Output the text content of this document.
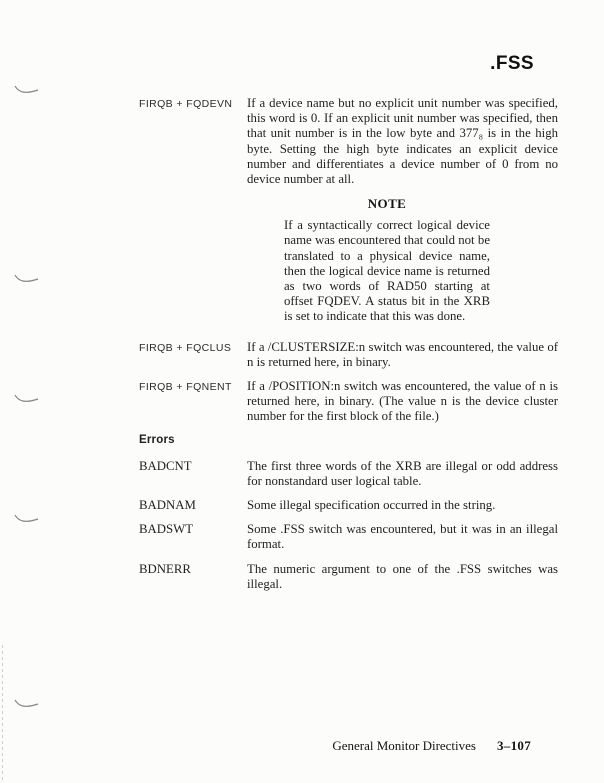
.FSS
FIRQB + FQDEVN	If a device name but no explicit unit number was specified, this word is 0. If an explicit unit number was specified, then that unit number is in the low byte and 377₈ is in the high byte. Setting the high byte indicates an explicit device number and differentiates a device number of 0 from no device number at all.
NOTE
If a syntactically correct logical device name was encountered that could not be translated to a physical device name, then the logical device name is returned as two words of RAD50 starting at offset FQDEV. A status bit in the XRB is set to indicate that this was done.
FIRQB + FQCLUS	If a /CLUSTERSIZE:n switch was encountered, the value of n is returned here, in binary.
FIRQB + FQNENT	If a /POSITION:n switch was encountered, the value of n is returned here, in binary. (The value n is the device cluster number for the first block of the file.)
Errors
BADCNT	The first three words of the XRB are illegal or odd address for nonstandard user logical table.
BADNAM	Some illegal specification occurred in the string.
BADSWT	Some .FSS switch was encountered, but it was in an illegal format.
BDNERR	The numeric argument to one of the .FSS switches was illegal.
General Monitor Directives 3–107
